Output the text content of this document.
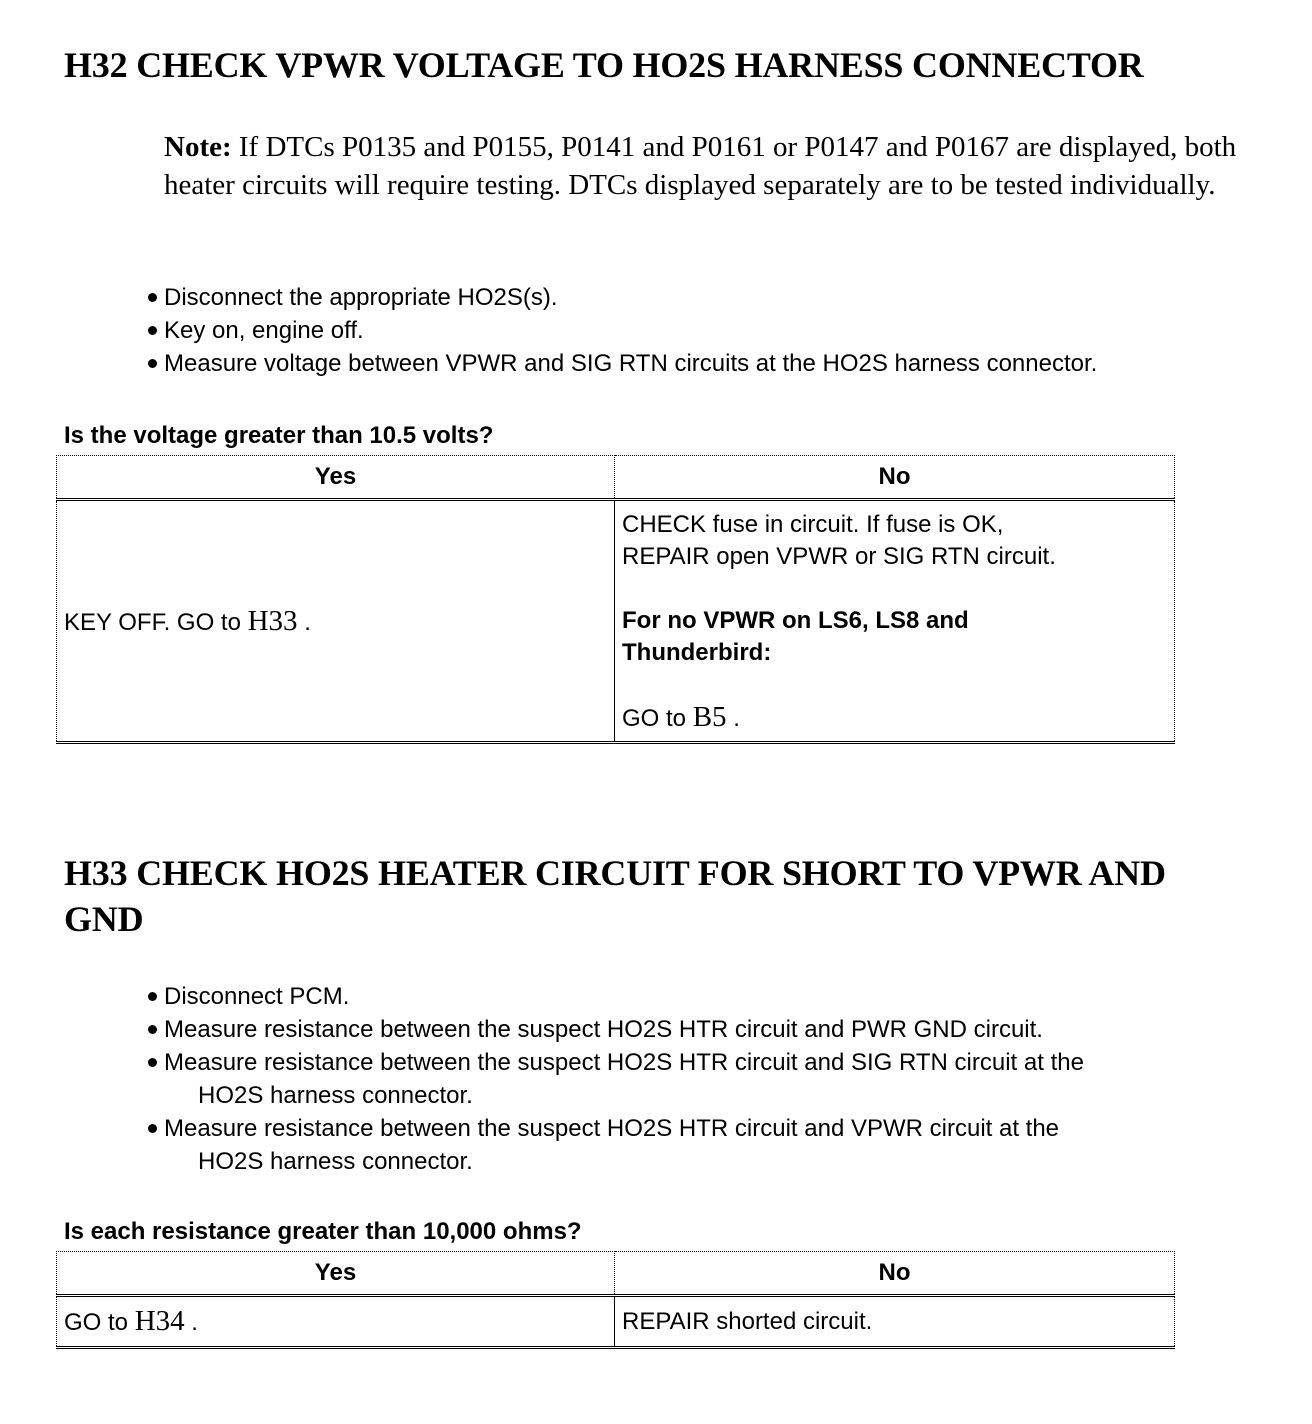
H32 CHECK VPWR VOLTAGE TO HO2S HARNESS CONNECTOR
Note: If DTCs P0135 and P0155, P0141 and P0161 or P0147 and P0167 are displayed, both heater circuits will require testing. DTCs displayed separately are to be tested individually.
Disconnect the appropriate HO2S(s).
Key on, engine off.
Measure voltage between VPWR and SIG RTN circuits at the HO2S harness connector.
Is the voltage greater than 10.5 volts?
Yes	No
KEY OFF. GO to H33 .	CHECK fuse in circuit. If fuse is OK,
REPAIR open VPWR or SIG RTN circuit.
For no VPWR on LS6, LS8 and
Thunderbird:
GO to B5 .
H33 CHECK HO2S HEATER CIRCUIT FOR SHORT TO VPWR AND GND
Disconnect PCM.
Measure resistance between the suspect HO2S HTR circuit and PWR GND circuit.
Measure resistance between the suspect HO2S HTR circuit and SIG RTN circuit at the
HO2S harness connector.
Measure resistance between the suspect HO2S HTR circuit and VPWR circuit at the
HO2S harness connector.
Is each resistance greater than 10,000 ohms?
Yes	No
GO to H34 .	REPAIR shorted circuit.
